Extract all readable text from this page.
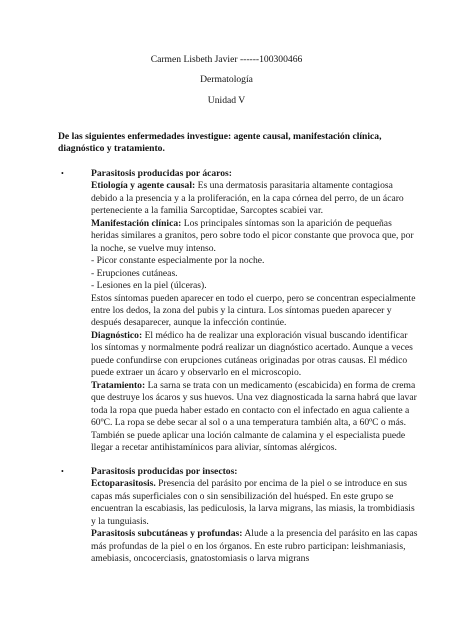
Carmen Lisbeth Javier ------100300466
Dermatología
Unidad V
De las siguientes enfermedades investigue: agente causal, manifestación clínica, diagnóstico y tratamiento.
•	Parasitosis producidas por ácaros:

Etiología y agente causal: Es una dermatosis parasitaria altamente contagiosa debido a la presencia y a la proliferación, en la capa córnea del perro, de un ácaro perteneciente a la familia Sarcoptidae, Sarcoptes scabiei var.

Manifestación clínica: Los principales síntomas son la aparición de pequeñas heridas similares a granitos, pero sobre todo el picor constante que provoca que, por la noche, se vuelve muy intenso.

- Picor constante especialmente por la noche.

- Erupciones cutáneas.

- Lesiones en la piel (úlceras).

Estos síntomas pueden aparecer en todo el cuerpo, pero se concentran especialmente entre los dedos, la zona del pubis y la cintura. Los síntomas pueden aparecer y después desaparecer, aunque la infección continúe.

Diagnóstico: El médico ha de realizar una exploración visual buscando identificar los síntomas y normalmente podrá realizar un diagnóstico acertado. Aunque a veces puede confundirse con erupciones cutáneas originadas por otras causas. El médico puede extraer un ácaro y observarlo en el microscopio.

Tratamiento: La sarna se trata con un medicamento (escabicida) en forma de crema que destruye los ácaros y sus huevos. Una vez diagnosticada la sarna habrá que lavar toda la ropa que pueda haber estado en contacto con el infectado en agua caliente a 60ºC. La ropa se debe secar al sol o a una temperatura también alta, a 60ºC o más. También se puede aplicar una loción calmante de calamina y el especialista puede llegar a recetar antihistamínicos para aliviar, síntomas alérgicos.

•	Parasitosis producidas por insectos:

Ectoparasitosis. Presencia del parásito por encima de la piel o se introduce en sus capas más superficiales con o sin sensibilización del huésped. En este grupo se encuentran la escabiasis, las pediculosis, la larva migrans, las miasis, la trombidiasis y la tunguiasis.

Parasitosis subcutáneas y profundas: Alude a la presencia del parásito en las capas más profundas de la piel o en los órganos. En este rubro participan: leishmaniasis, amebiasis, oncocerciasis, gnatostomiasis o larva migrans
